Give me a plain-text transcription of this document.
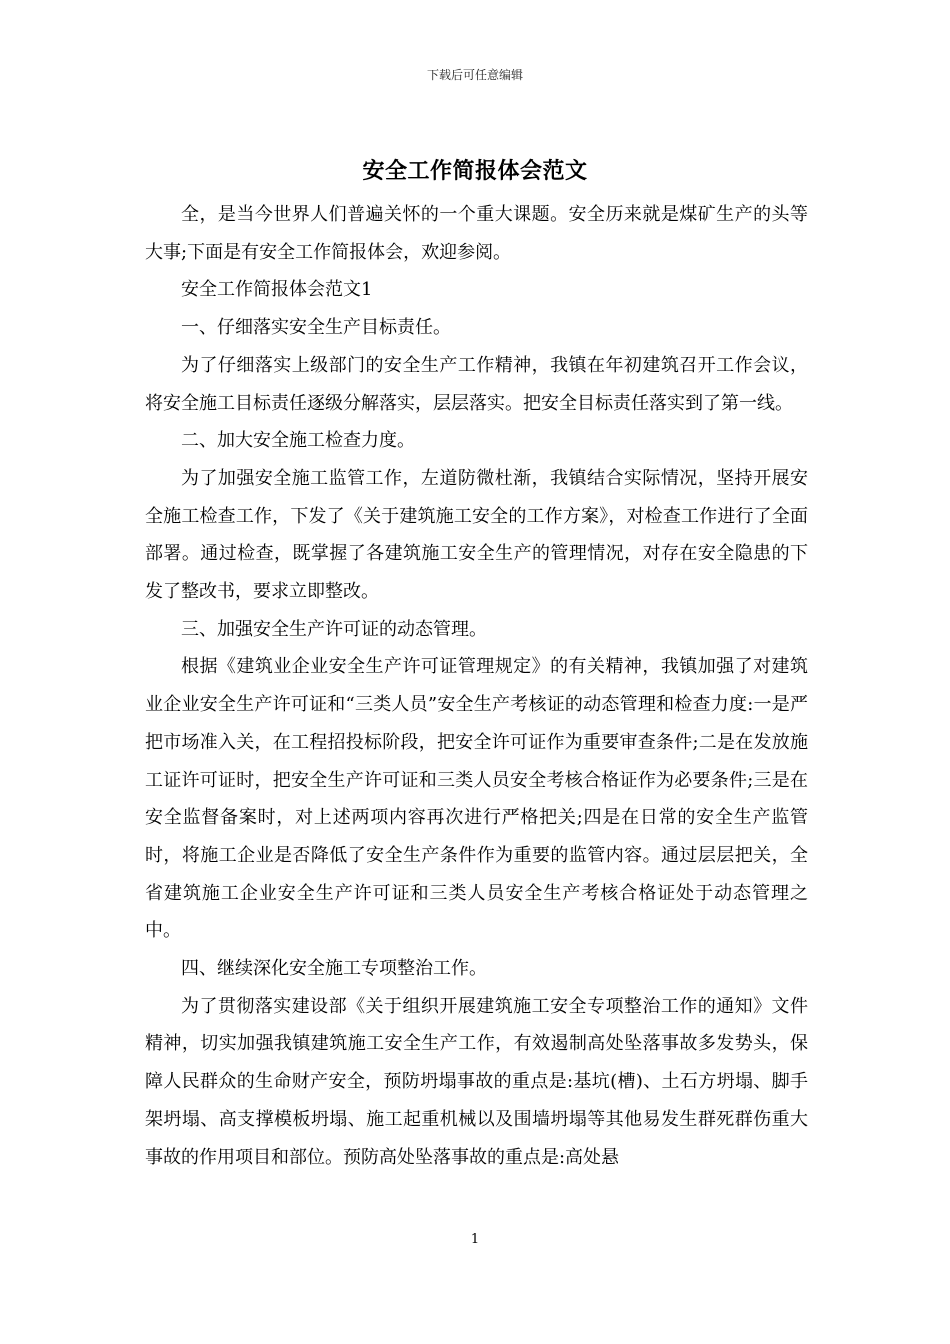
下载后可任意编辑
安全工作简报体会范文

全，是当今世界人们普遍关怀的一个重大课题。安全历来就是煤矿生产的头等大事;下面是有安全工作简报体会，欢迎参阅。

安全工作简报体会范文1

一、仔细落实安全生产目标责任。

为了仔细落实上级部门的安全生产工作精神，我镇在年初建筑召开工作会议，将安全施工目标责任逐级分解落实，层层落实。把安全目标责任落实到了第一线。

二、加大安全施工检查力度。

为了加强安全施工监管工作，左道防微杜渐，我镇结合实际情况，坚持开展安全施工检查工作，下发了《关于建筑施工安全的工作方案》，对检查工作进行了全面部署。通过检查，既掌握了各建筑施工安全生产的管理情况，对存在安全隐患的下发了整改书，要求立即整改。

三、加强安全生产许可证的动态管理。

根据《建筑业企业安全生产许可证管理规定》的有关精神，我镇加强了对建筑业企业安全生产许可证和“三类人员”安全生产考核证的动态管理和检查力度:一是严把市场准入关，在工程招投标阶段，把安全许可证作为重要审查条件;二是在发放施工证许可证时，把安全生产许可证和三类人员安全考核合格证作为必要条件;三是在安全监督备案时，对上述两项内容再次进行严格把关;四是在日常的安全生产监管时，将施工企业是否降低了安全生产条件作为重要的监管内容。通过层层把关，全省建筑施工企业安全生产许可证和三类人员安全生产考核合格证处于动态管理之中。

四、继续深化安全施工专项整治工作。

为了贯彻落实建设部《关于组织开展建筑施工安全专项整治工作的通知》文件精神，切实加强我镇建筑施工安全生产工作，有效遏制高处坠落事故多发势头，保障人民群众的生命财产安全，预防坍塌事故的重点是:基坑(槽)、土石方坍塌、脚手架坍塌、高支撑模板坍塌、施工起重机械以及围墙坍塌等其他易发生群死群伤重大事故的作用项目和部位。预防高处坠落事故的重点是:高处悬

1
